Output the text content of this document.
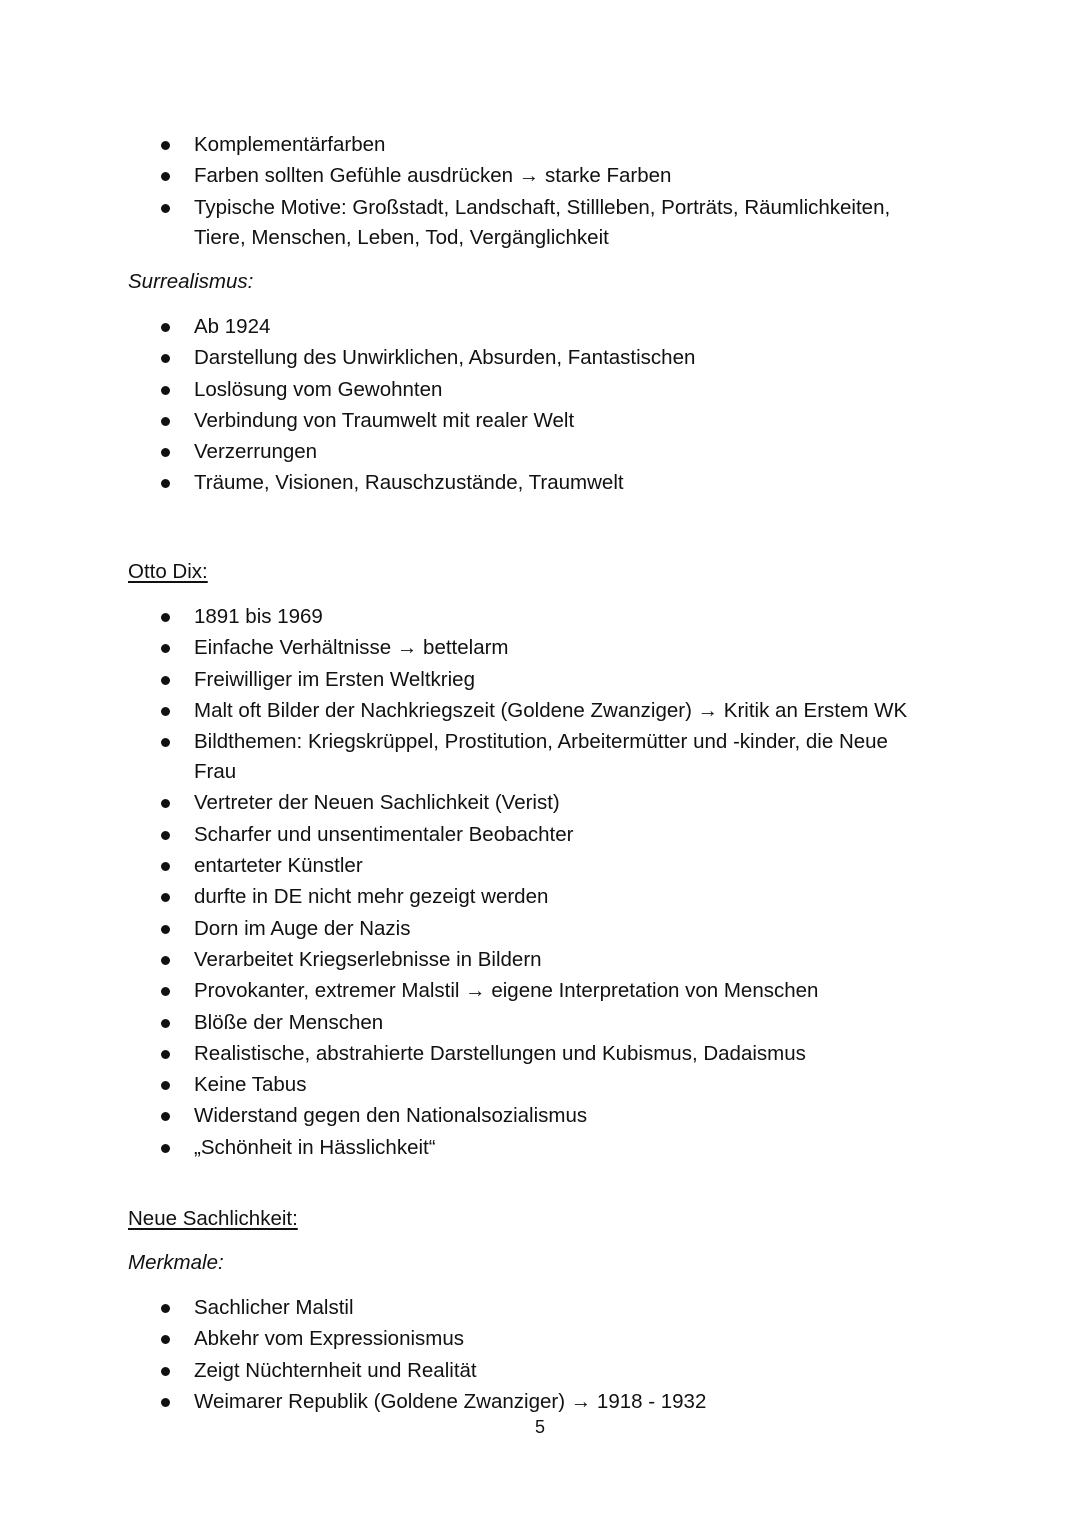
Komplementärfarben
Farben sollten Gefühle ausdrücken → starke Farben
Typische Motive: Großstadt, Landschaft, Stillleben, Porträts, Räumlichkeiten, Tiere, Menschen, Leben, Tod, Vergänglichkeit
Surrealismus:
Ab 1924
Darstellung des Unwirklichen, Absurden, Fantastischen
Loslösung vom Gewohnten
Verbindung von Traumwelt mit realer Welt
Verzerrungen
Träume, Visionen, Rauschzustände, Traumwelt
Otto Dix:
1891 bis 1969
Einfache Verhältnisse → bettelarm
Freiwilliger im Ersten Weltkrieg
Malt oft Bilder der Nachkriegszeit (Goldene Zwanziger) → Kritik an Erstem WK
Bildthemen: Kriegskrüppel, Prostitution, Arbeitermütter und -kinder, die Neue Frau
Vertreter der Neuen Sachlichkeit (Verist)
Scharfer und unsentimentaler Beobachter
entarteter Künstler
durfte in DE nicht mehr gezeigt werden
Dorn im Auge der Nazis
Verarbeitet Kriegserlebnisse in Bildern
Provokanter, extremer Malstil → eigene Interpretation von Menschen
Blöße der Menschen
Realistische, abstrahierte Darstellungen und Kubismus, Dadaismus
Keine Tabus
Widerstand gegen den Nationalsozialismus
„Schönheit in Hässlichkeit“
Neue Sachlichkeit:
Merkmale:
Sachlicher Malstil
Abkehr vom Expressionismus
Zeigt Nüchternheit und Realität
Weimarer Republik (Goldene Zwanziger) → 1918 - 1932
5
